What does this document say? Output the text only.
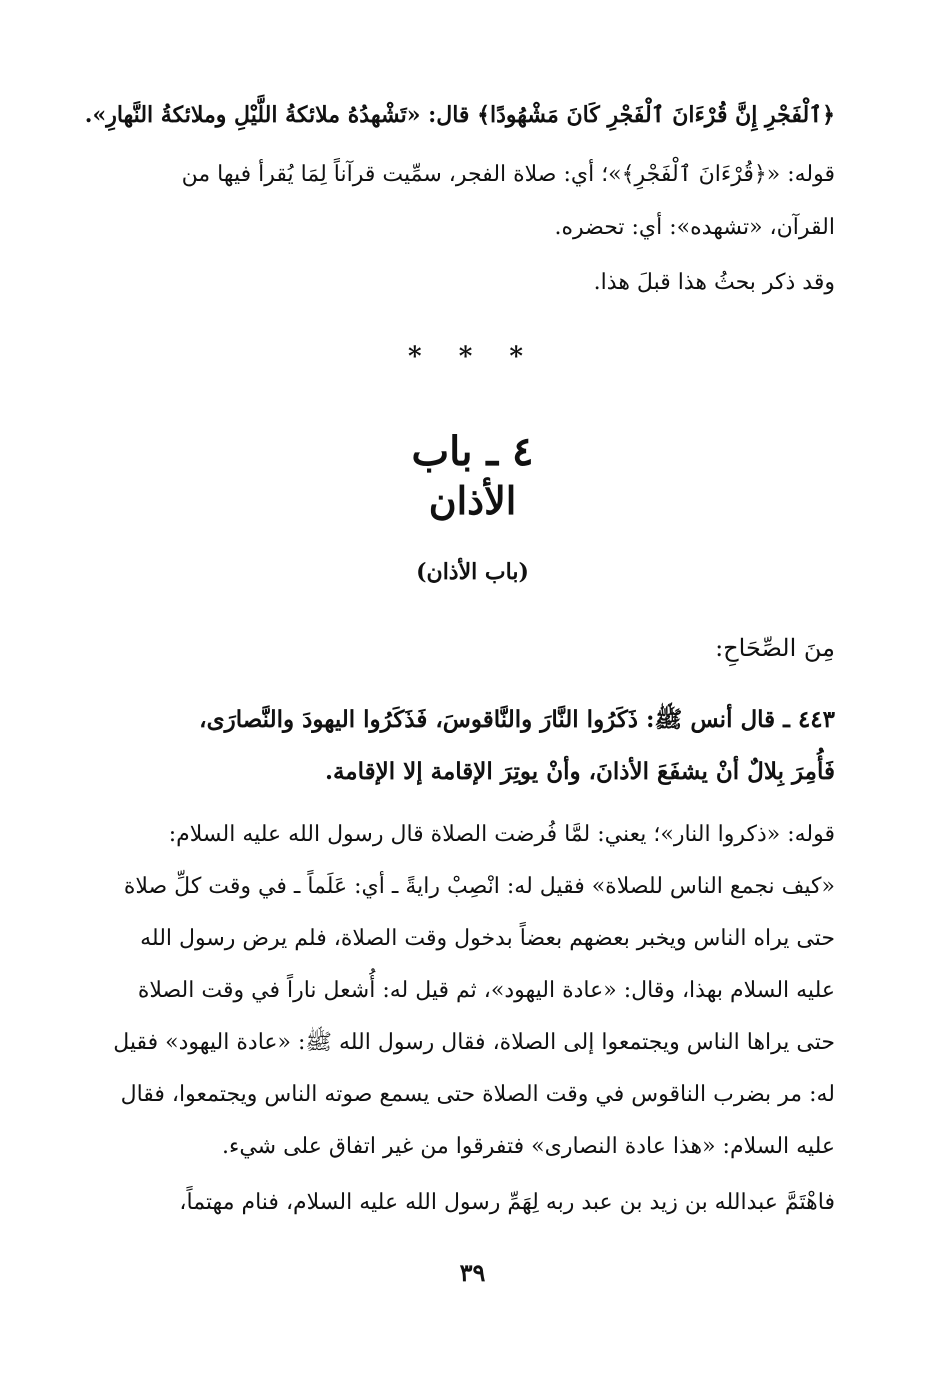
﴿ٱلْفَجْرِ إِنَّ قُرْءَانَ ٱلْفَجْرِ كَانَ مَشْهُودًا﴾ قال: «تَشْهدُهُ ملائكةُ اللَّيْلِ وملائكةُ النَّهارِ».
قوله: «﴿قُرْءَانَ ٱلْفَجْرِ﴾»؛ أي: صلاة الفجر، سمِّيت قرآناً لِمَا يُقرأ فيها من
القرآن، «تشهده»: أي: تحضره.
وقد ذكر بحثُ هذا قبلَ هذا.
* * *
٤ ـ باب
الأذان
(باب الأذان)
مِنَ الصِّحَاحِ:
٤٤٣ ـ قال أنس ﷺ: ذَكَرُوا النَّارَ والنَّاقوسَ، فَذَكَرُوا اليهودَ والنَّصارَى،
فَأُمِرَ بِلالٌ أنْ يشفَعَ الأذانَ، وأنْ يوتِرَ الإقامة إلا الإقامة.
قوله: «ذكروا النار»؛ يعني: لمَّا فُرضت الصلاة قال رسول الله عليه السلام:
«كيف نجمع الناس للصلاة» فقيل له: انْصِبْ رايةً ـ أي: عَلَماً ـ في وقت كلِّ صلاة
حتى يراه الناس ويخبر بعضهم بعضاً بدخول وقت الصلاة، فلم يرض رسول الله
عليه السلام بهذا، وقال: «عادة اليهود»، ثم قيل له: أُشعل ناراً في وقت الصلاة
حتى يراها الناس ويجتمعوا إلى الصلاة، فقال رسول الله ﷺ: «عادة اليهود» فقيل
له: مر بضرب الناقوس في وقت الصلاة حتى يسمع صوته الناس ويجتمعوا، فقال
عليه السلام: «هذا عادة النصارى» فتفرقوا من غير اتفاق على شيء.
فاهْتَمَّ عبدالله بن زيد بن عبد ربه لِهَمِّ رسول الله عليه السلام، فنام مهتماً،
٣٩
